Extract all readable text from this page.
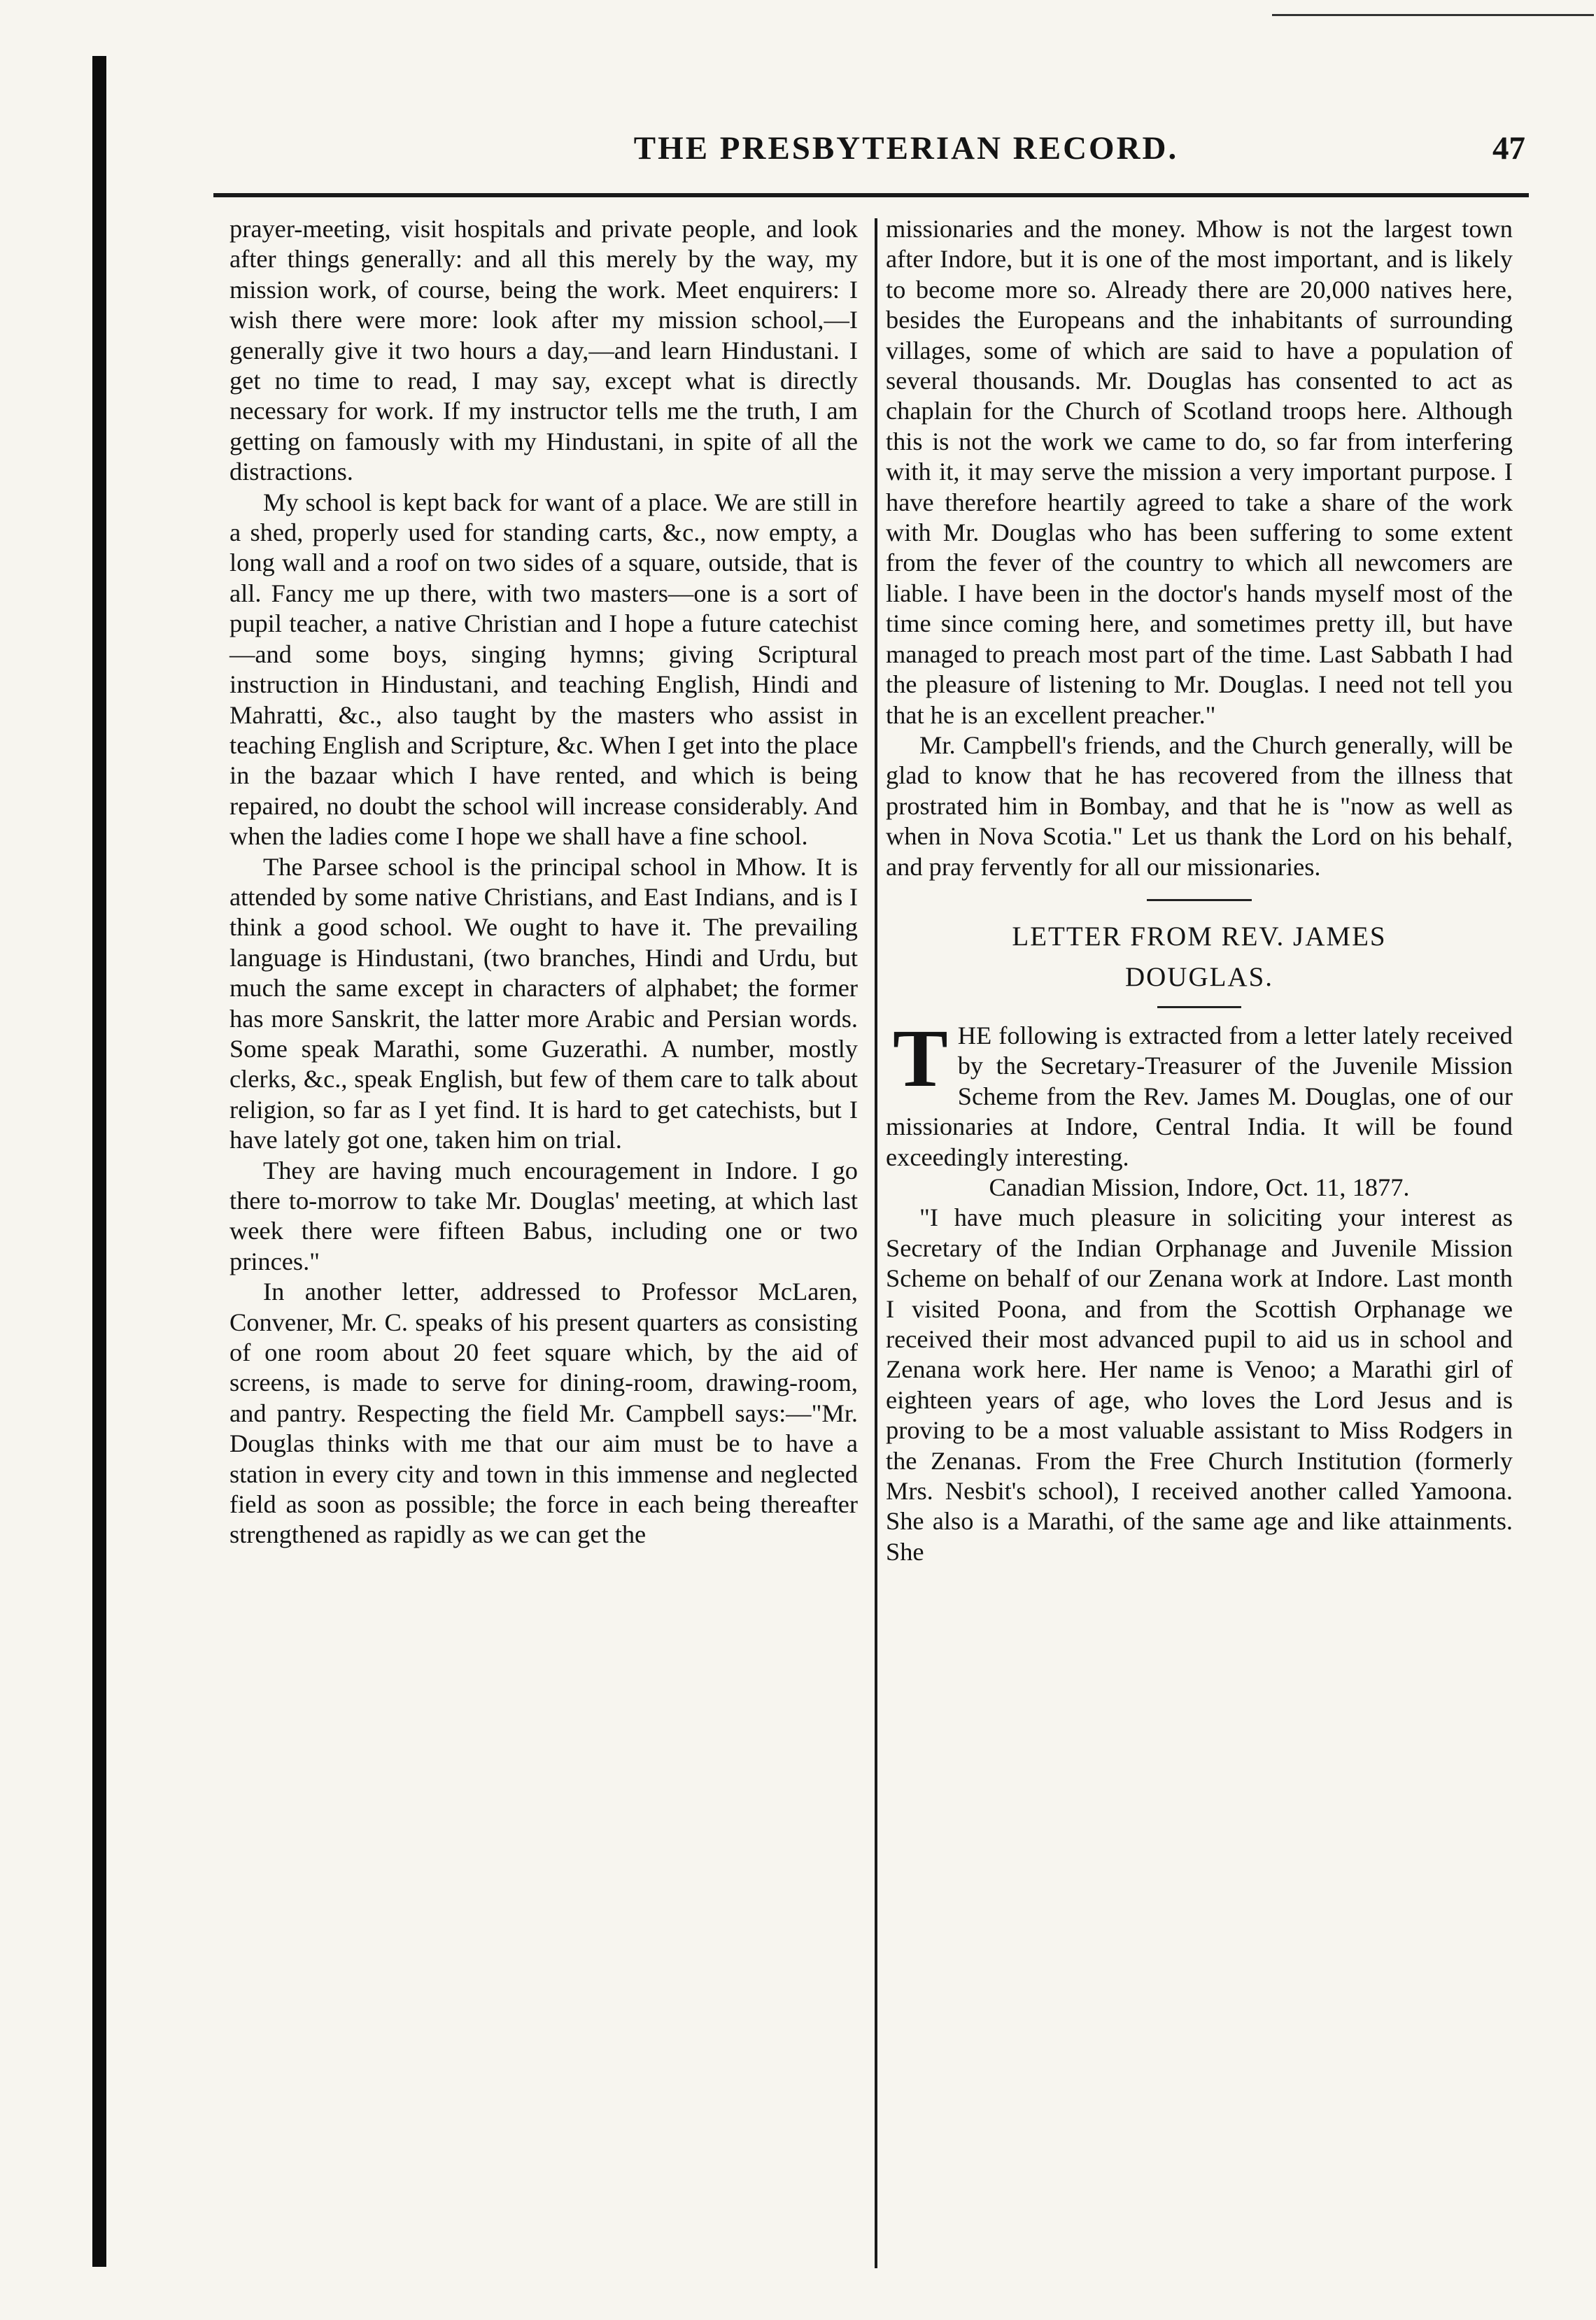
THE PRESBYTERIAN RECORD.	47

prayer-meeting, visit hospitals and private people, and look after things generally: and all this merely by the way, my mission work, of course, being the work. Meet enquirers: I wish there were more: look after my mission school,—I generally give it two hours a day,—and learn Hindustani. I get no time to read, I may say, except what is directly necessary for work. If my instructor tells me the truth, I am getting on famously with my Hindustani, in spite of all the distractions.

My school is kept back for want of a place. We are still in a shed, properly used for standing carts, &c., now empty, a long wall and a roof on two sides of a square, outside, that is all. Fancy me up there, with two masters—one is a sort of pupil teacher, a native Christian and I hope a future catechist—and some boys, singing hymns; giving Scriptural instruction in Hindustani, and teaching English, Hindi and Mahratti, &c., also taught by the masters who assist in teaching English and Scripture, &c. When I get into the place in the bazaar which I have rented, and which is being repaired, no doubt the school will increase considerably. And when the ladies come I hope we shall have a fine school.

The Parsee school is the principal school in Mhow. It is attended by some native Christians, and East Indians, and is I think a good school. We ought to have it. The prevailing language is Hindustani, (two branches, Hindi and Urdu, but much the same except in characters of alphabet; the former has more Sanskrit, the latter more Arabic and Persian words. Some speak Marathi, some Guzerathi. A number, mostly clerks, &c., speak English, but few of them care to talk about religion, so far as I yet find. It is hard to get catechists, but I have lately got one, taken him on trial.

They are having much encouragement in Indore. I go there to-morrow to take Mr. Douglas' meeting, at which last week there were fifteen Babus, including one or two princes."

In another letter, addressed to Professor McLaren, Convener, Mr. C. speaks of his present quarters as consisting of one room about 20 feet square which, by the aid of screens, is made to serve for dining-room, drawing-room, and pantry. Respecting the field Mr. Campbell says:—"Mr. Douglas thinks with me that our aim must be to have a station in every city and town in this immense and neglected field as soon as possible; the force in each being thereafter strengthened as rapidly as we can get the

missionaries and the money. Mhow is not the largest town after Indore, but it is one of the most important, and is likely to become more so. Already there are 20,000 natives here, besides the Europeans and the inhabitants of surrounding villages, some of which are said to have a population of several thousands. Mr. Douglas has consented to act as chaplain for the Church of Scotland troops here. Although this is not the work we came to do, so far from interfering with it, it may serve the mission a very important purpose. I have therefore heartily agreed to take a share of the work with Mr. Douglas who has been suffering to some extent from the fever of the country to which all newcomers are liable. I have been in the doctor's hands myself most of the time since coming here, and sometimes pretty ill, but have managed to preach most part of the time. Last Sabbath I had the pleasure of listening to Mr. Douglas. I need not tell you that he is an excellent preacher."

Mr. Campbell's friends, and the Church generally, will be glad to know that he has recovered from the illness that prostrated him in Bombay, and that he is "now as well as when in Nova Scotia." Let us thank the Lord on his behalf, and pray fervently for all our missionaries.

LETTER FROM REV. JAMES
DOUGLAS.

T HE following is extracted from a letter lately received by the Secretary-Treasurer of the Juvenile Mission Scheme from the Rev. James M. Douglas, one of our missionaries at Indore, Central India. It will be found exceedingly interesting.

Canadian Mission, Indore, Oct. 11, 1877.

"I have much pleasure in soliciting your interest as Secretary of the Indian Orphanage and Juvenile Mission Scheme on behalf of our Zenana work at Indore. Last month I visited Poona, and from the Scottish Orphanage we received their most advanced pupil to aid us in school and Zenana work here. Her name is Venoo; a Marathi girl of eighteen years of age, who loves the Lord Jesus and is proving to be a most valuable assistant to Miss Rodgers in the Zenanas. From the Free Church Institution (formerly Mrs. Nesbit's school), I received another called Yamoona. She also is a Marathi, of the same age and like attainments. She
